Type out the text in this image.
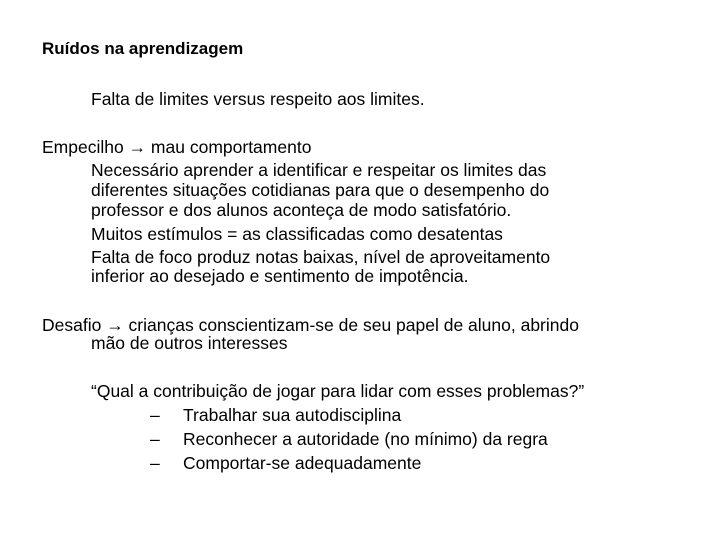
Ruídos na aprendizagem
Falta de limites versus respeito aos limites.
Empecilho → mau comportamento
Necessário aprender a identificar e respeitar os limites das
diferentes situações cotidianas para que o desempenho do
professor e dos alunos aconteça de modo satisfatório.
Muitos estímulos = as classificadas como desatentas
Falta de foco produz notas baixas, nível de aproveitamento
inferior ao desejado e sentimento de impotência.
Desafio → crianças conscientizam-se de seu papel de aluno, abrindo
mão de outros interesses
“Qual a contribuição de jogar para lidar com esses problemas?”
– Trabalhar sua autodisciplina
– Reconhecer a autoridade (no mínimo) da regra
– Comportar-se adequadamente
